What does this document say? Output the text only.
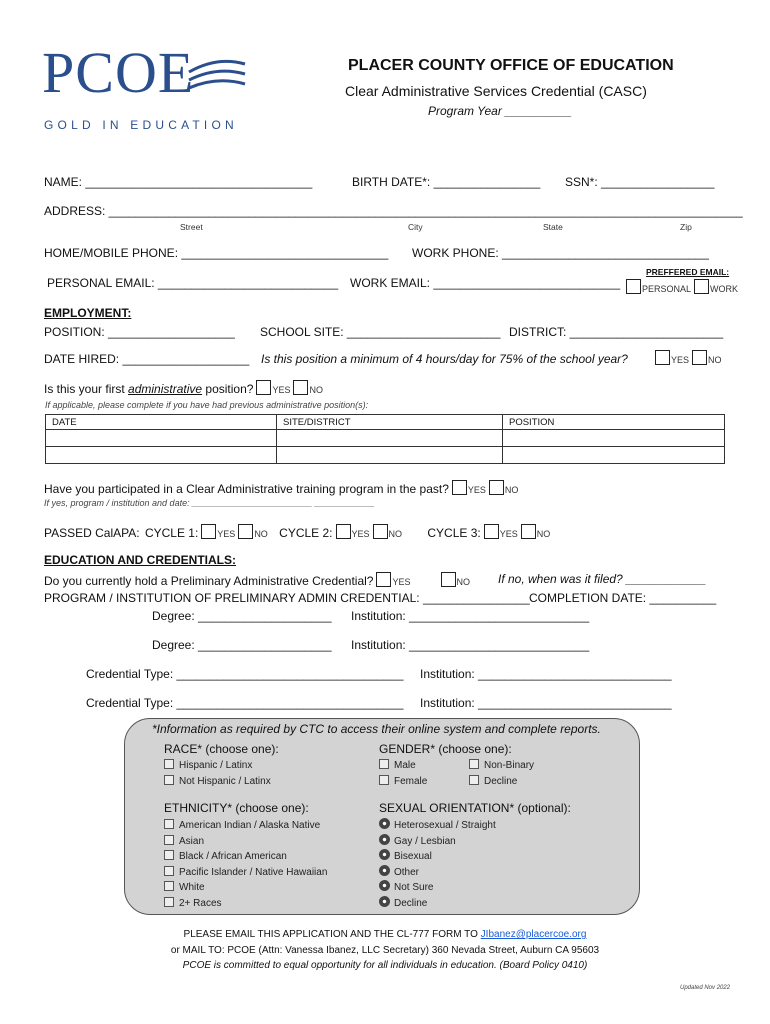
PCOE
GOLD IN EDUCATION
PLACER COUNTY OFFICE OF EDUCATION
Clear Administrative Services Credential (CASC)
Program Year __________
NAME: __________________________________	BIRTH DATE*: ________________ SSN*: _________________
ADDRESS: _______________________________________________________________________________________________
Street	City	State	Zip
HOME/MOBILE PHONE: _______________________________ WORK PHONE: _______________________________
PERSONAL EMAIL: ___________________________ WORK EMAIL: ____________________________
PREFFERED EMAIL:
PERSONAL WORK
EMPLOYMENT:
POSITION: ___________________ SCHOOL SITE: _______________________ DISTRICT: _______________________
DATE HIRED: ___________________ Is this position a minimum of 4 hours/day for 75% of the school year?	YES NO
Is this your first administrative position? YES NO
If applicable, please complete if you have had previous administrative position(s):
DATE	SITE/DISTRICT	POSITION

Have you participated in a Clear Administrative training program in the past? YES NO
If yes, program / institution and date: ________________________ ____________
PASSED CalAPA: CYCLE 1: YES NO CYCLE 2: YES NO CYCLE 3: YES NO
EDUCATION AND CREDENTIALS:
Do you currently hold a Preliminary Administrative Credential? YES	NO If no, when was it filed? ____________
PROGRAM / INSTITUTION OF PRELIMINARY ADMIN CREDENTIAL: ________________ COMPLETION DATE: __________
Degree: ____________________ Institution: ___________________________
Degree: ____________________ Institution: ___________________________
Credential Type: __________________________________ Institution: _____________________________
Credential Type: __________________________________ Institution: _____________________________
*Information as required by CTC to access their online system and complete reports.
RACE* (choose one):
Hispanic / Latinx
Not Hispanic / Latinx
GENDER* (choose one):
Male	Non-Binary
Female	Decline
ETHNICITY* (choose one):
American Indian / Alaska Native
Asian
Black / African American
Pacific Islander / Native Hawaiian
White
2+ Races
SEXUAL ORIENTATION* (optional):
Heterosexual / Straight
Gay / Lesbian
Bisexual
Other
Not Sure
Decline
PLEASE EMAIL THIS APPLICATION AND THE CL-777 FORM TO JIbanez@placercoe.org
or MAIL TO: PCOE (Attn: Vanessa Ibanez, LLC Secretary) 360 Nevada Street, Auburn CA 95603
PCOE is committed to equal opportunity for all individuals in education. (Board Policy 0410)
Updated Nov 2022
